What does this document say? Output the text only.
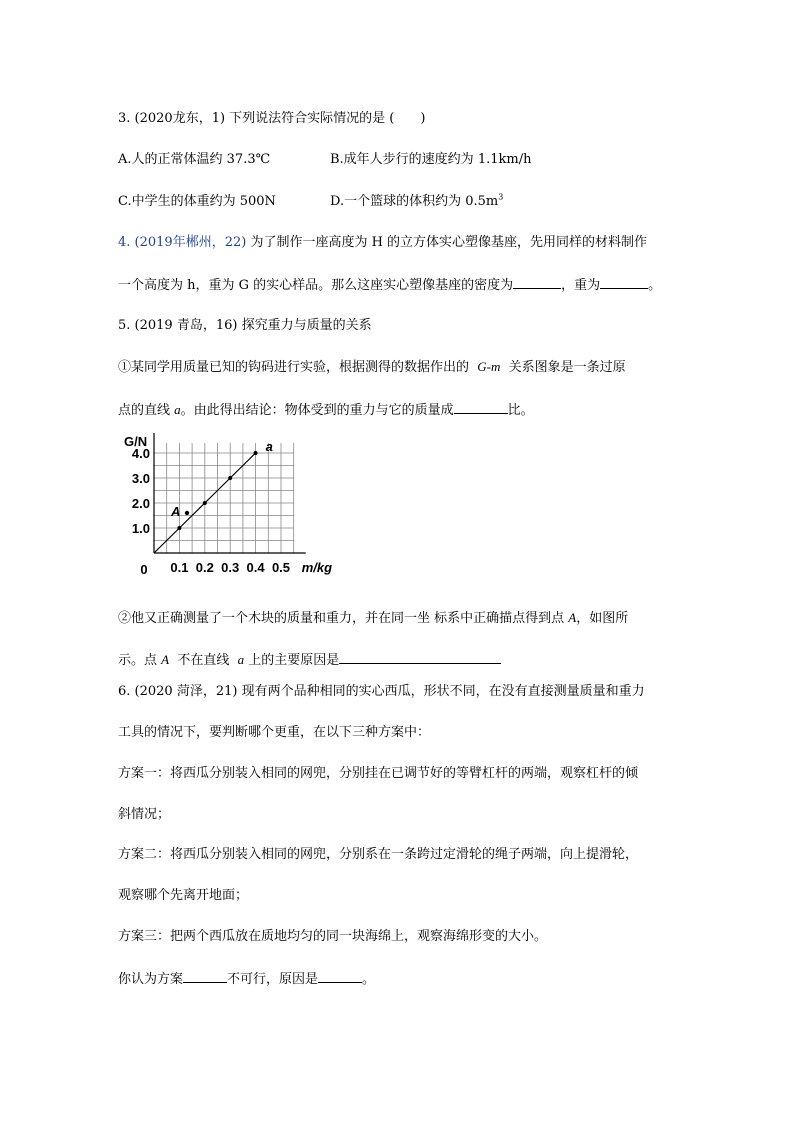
3. (2020龙东，1) 下列说法符合实际情况的是 (　　)
A.人的正常体温约 37.3℃	B.成年人步行的速度约为 1.1km/h
C.中学生的体重约为 500N	D.一个篮球的体积约为 $0.5m^3$
4. (2019年郴州，22) 为了制作一座高度为 H 的立方体实心塑像基座，先用同样的材料制作
一个高度为 h，重为 G 的实心样品。那么这座实心塑像基座的密度为	，重为	。
5. (2019 青岛，16) 探究重力与质量的关系
①某同学用质量已知的钩码进行实验，根据测得的数据作出的 G-m 关系图象是一条过原
点的直线 a。由此得出结论：物体受到的重力与它的质量成	比。
0.1 0.2 0.3 0.4 0.5
1.0
2.0
3.0
4.0
0
G/N
m/kg
a
A
②他又正确测量了一个木块的质量和重力，并在同一坐 标系中正确描点得到点 A，如图所
示。点 A 不在直线 a 上的主要原因是
6. (2020 菏泽，21) 现有两个品种相同的实心西瓜，形状不同，在没有直接测量质量和重力
工具的情况下，要判断哪个更重，在以下三种方案中：
方案一：将西瓜分别装入相同的网兜，分别挂在已调节好的等臂杠杆的两端，观察杠杆的倾
斜情况；
方案二：将西瓜分别装入相同的网兜，分别系在一条跨过定滑轮的绳子两端，向上提滑轮，
观察哪个先离开地面；
方案三：把两个西瓜放在质地均匀的同一块海绵上，观察海绵形变的大小。
你认为方案	不可行，原因是	。
